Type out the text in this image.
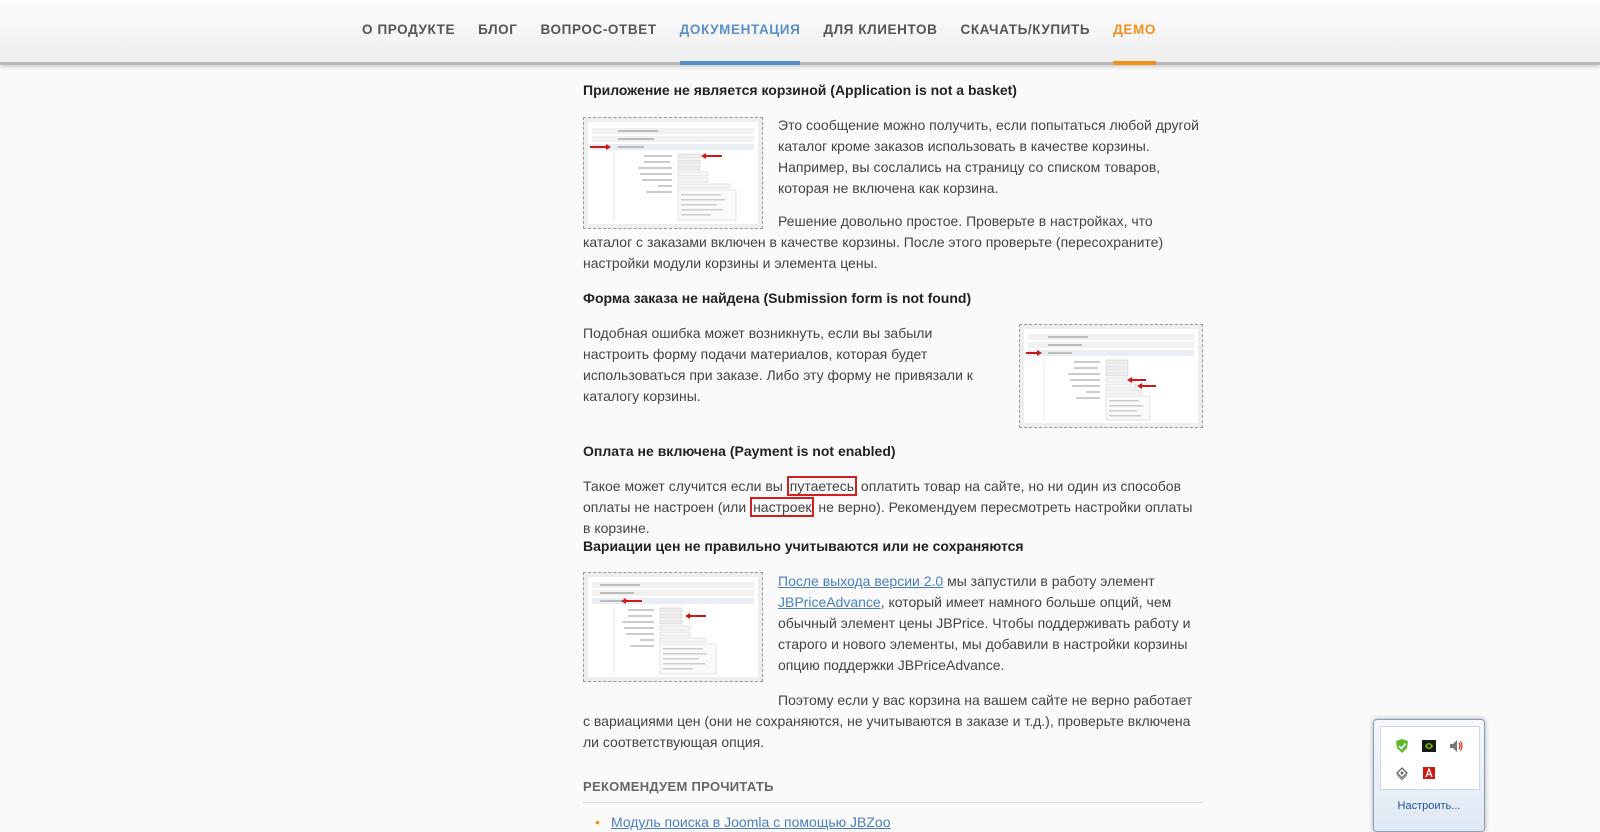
О ПРОДУКТЕ БЛОГ ВОПРОС-ОТВЕТ ДОКУМЕНТАЦИЯ ДЛЯ КЛИЕНТОВ СКАЧАТЬ/КУПИТЬ ДЕМО
Приложение не является корзиной (Application is not a basket)

Это сообщение можно получить, если попытаться любой другой каталог кроме заказов использовать в качестве корзины. Например, вы сослались на страницу со списком товаров, которая не включена как корзина.

Решение довольно простое. Проверьте в настройках, что каталог с заказами включен в качестве корзины. После этого проверьте (пересохраните) настройки модули корзины и элемента цены.

Форма заказа не найдена (Submission form is not found)

Подобная ошибка может возникнуть, если вы забыли настроить форму подачи материалов, которая будет использоваться при заказе. Либо эту форму не привязали к каталогу корзины.

Оплата не включена (Payment is not enabled)

Такое может случится если вы путаетесь оплатить товар на сайте, но ни один из способов оплаты не настроен (или настроек не верно). Рекомендуем пересмотреть настройки оплаты в корзине.

Вариации цен не правильно учитываются или не сохраняются

После выхода версии 2.0 мы запустили в работу элемент JBPriceAdvance, который имеет намного больше опций, чем обычный элемент цены JBPrice. Чтобы поддерживать работу и старого и нового элементы, мы добавили в настройки корзины опцию поддержки JBPriceAdvance.

Поэтому если у вас корзина на вашем сайте не верно работает с вариациями цен (они не сохраняются, не учитываются в заказе и т.д.), проверьте включена ли соответствующая опция.

РЕКОМЕНДУЕМ ПРОЧИТАТЬ
• Модуль поиска в Joomla с помощью JBZoo
Настроить...
